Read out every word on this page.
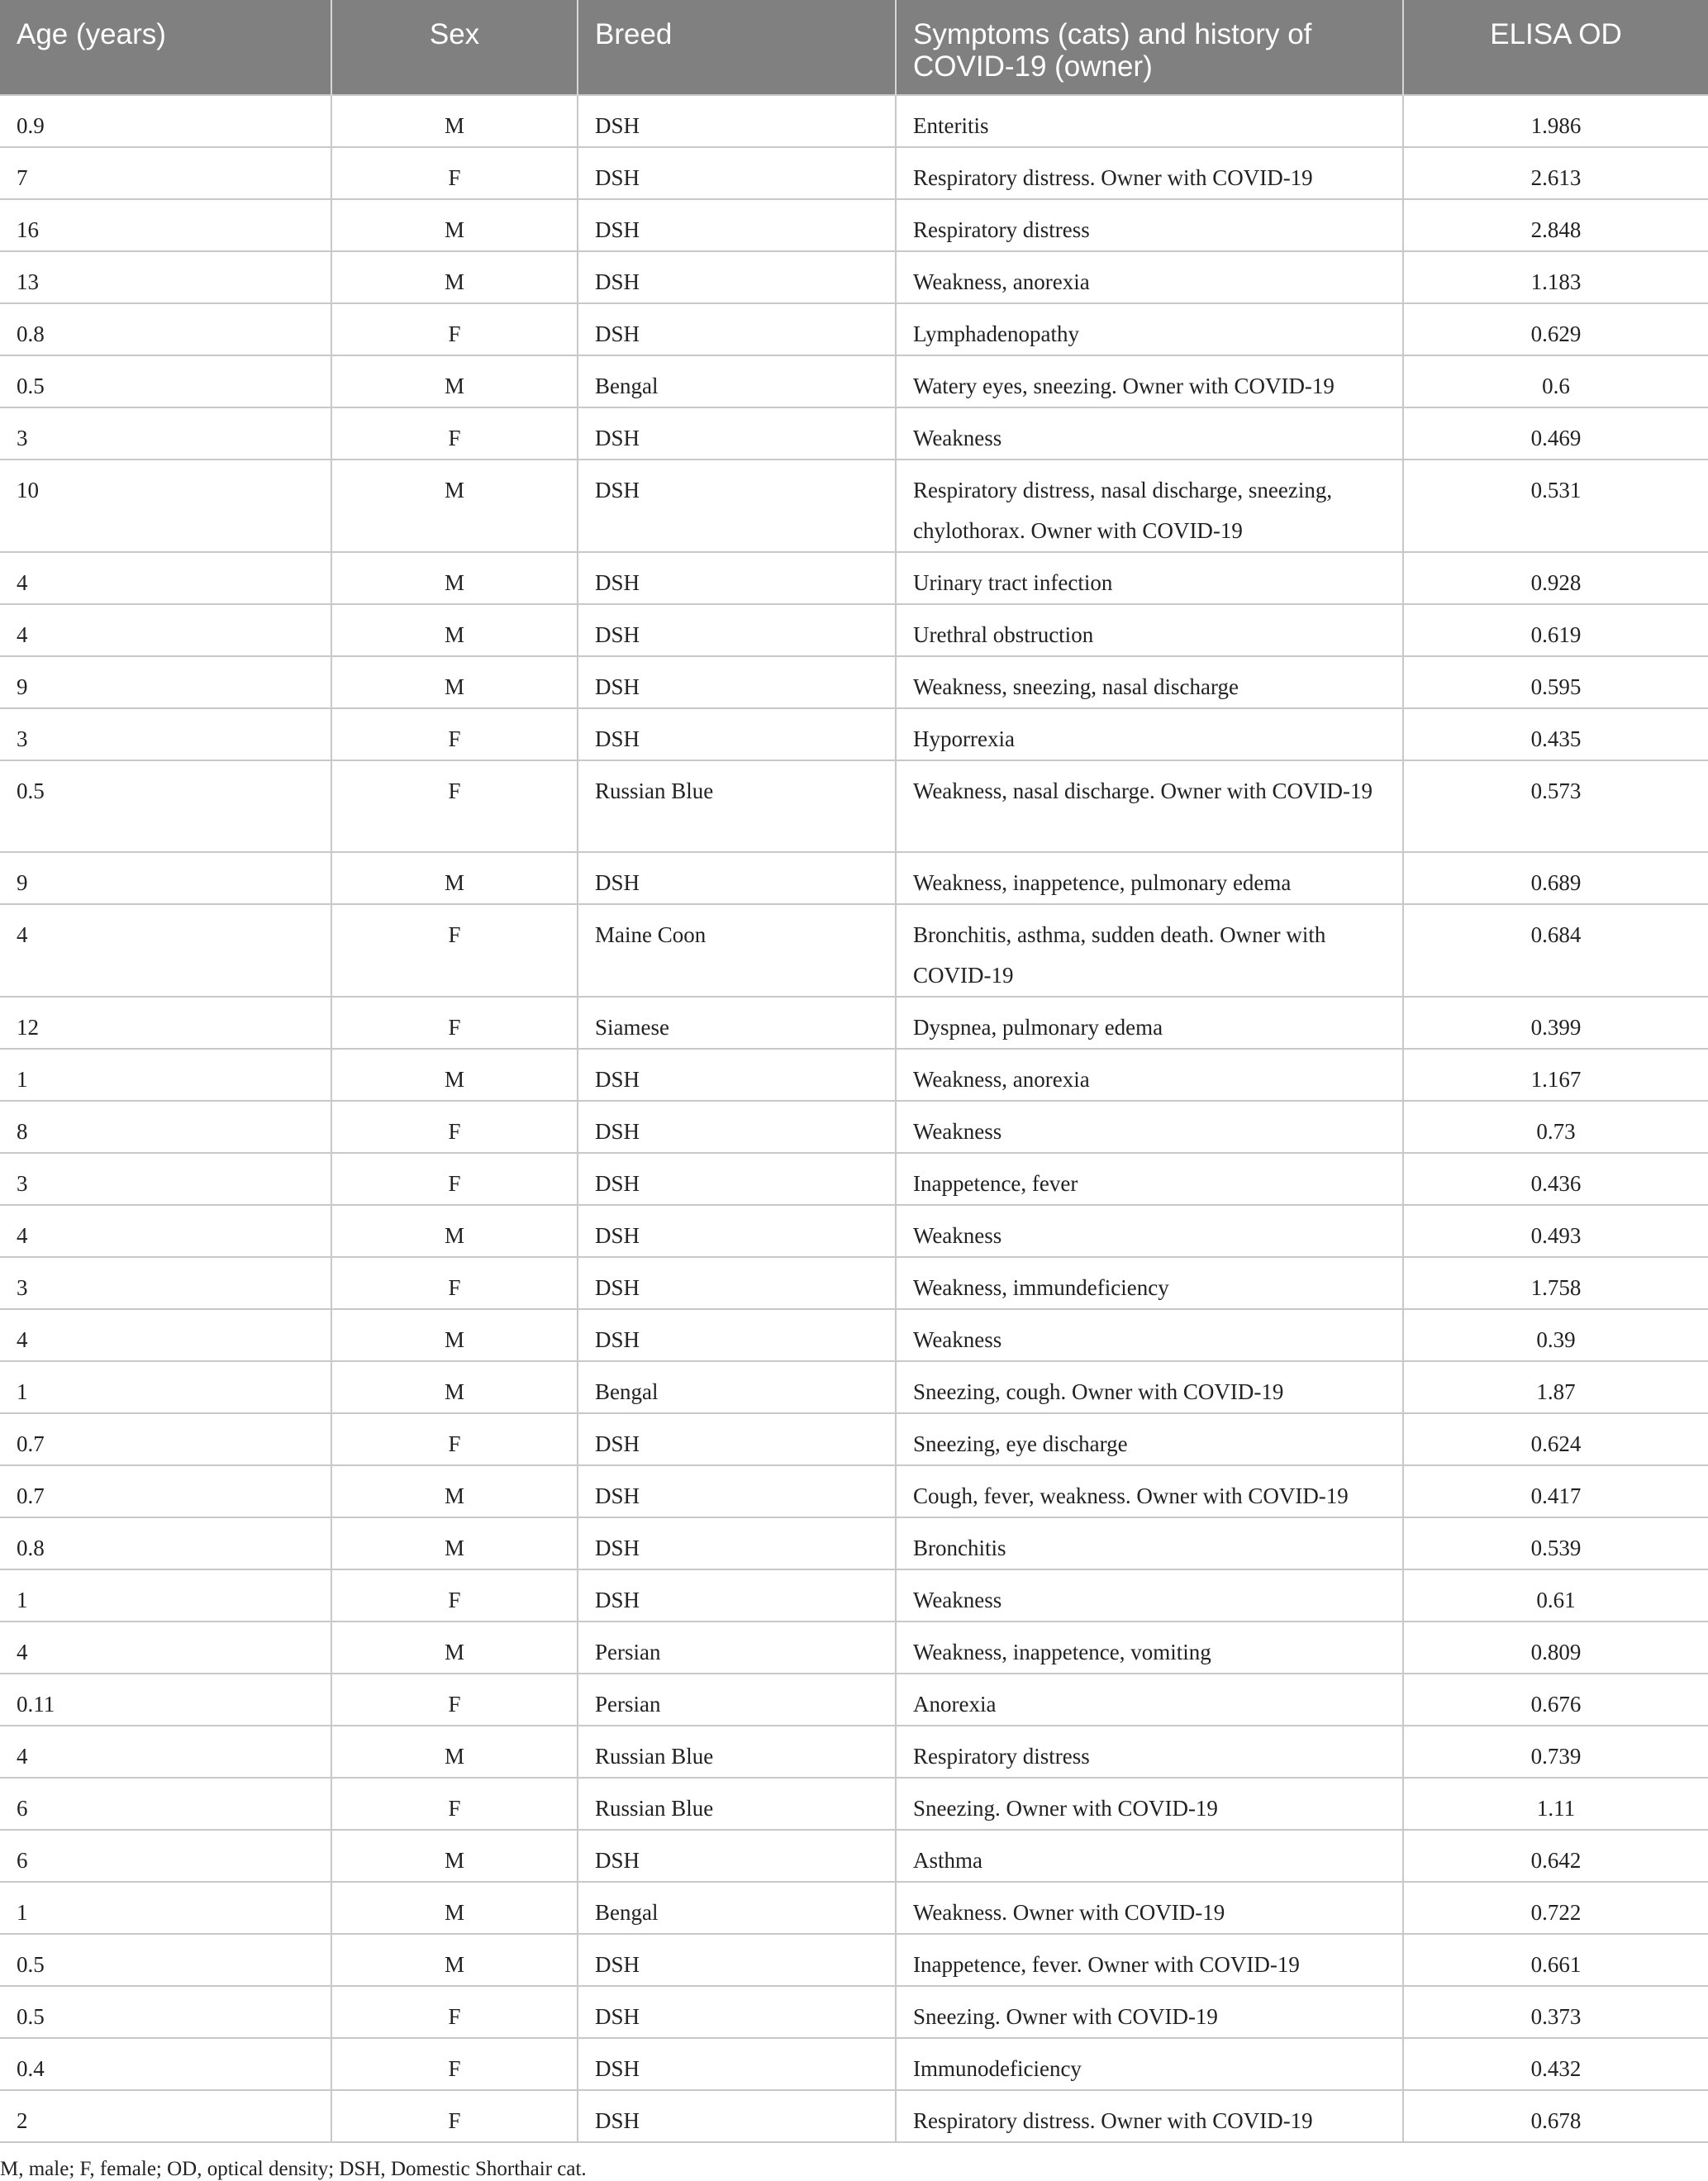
Age (years)	Sex	Breed	Symptoms (cats) and history of COVID-19 (owner)	ELISA OD

0.9	M	DSH	Enteritis	1.986

7	F	DSH	Respiratory distress. Owner with COVID-19	2.613

16	M	DSH	Respiratory distress	2.848

13	M	DSH	Weakness, anorexia	1.183

0.8	F	DSH	Lymphadenopathy	0.629

0.5	M	Bengal	Watery eyes, sneezing. Owner with COVID-19	0.6

3	F	DSH	Weakness	0.469

10	M	DSH	Respiratory distress, nasal discharge, sneezing, chylothorax. Owner with COVID-19	0.531

4	M	DSH	Urinary tract infection	0.928

4	M	DSH	Urethral obstruction	0.619

9	M	DSH	Weakness, sneezing, nasal discharge	0.595

3	F	DSH	Hyporrexia	0.435

0.5	F	Russian Blue	Weakness, nasal discharge. Owner with COVID-19	0.573

9	M	DSH	Weakness, inappetence, pulmonary edema	0.689

4	F	Maine Coon	Bronchitis, asthma, sudden death. Owner with COVID-19	0.684

12	F	Siamese	Dyspnea, pulmonary edema	0.399

1	M	DSH	Weakness, anorexia	1.167

8	F	DSH	Weakness	0.73

3	F	DSH	Inappetence, fever	0.436

4	M	DSH	Weakness	0.493

3	F	DSH	Weakness, immundeficiency	1.758

4	M	DSH	Weakness	0.39

1	M	Bengal	Sneezing, cough. Owner with COVID-19	1.87

0.7	F	DSH	Sneezing, eye discharge	0.624

0.7	M	DSH	Cough, fever, weakness. Owner with COVID-19	0.417

0.8	M	DSH	Bronchitis	0.539

1	F	DSH	Weakness	0.61

4	M	Persian	Weakness, inappetence, vomiting	0.809

0.11	F	Persian	Anorexia	0.676

4	M	Russian Blue	Respiratory distress	0.739

6	F	Russian Blue	Sneezing. Owner with COVID-19	1.11

6	M	DSH	Asthma	0.642

1	M	Bengal	Weakness. Owner with COVID-19	0.722

0.5	M	DSH	Inappetence, fever. Owner with COVID-19	0.661

0.5	F	DSH	Sneezing. Owner with COVID-19	0.373

0.4	F	DSH	Immunodeficiency	0.432

2	F	DSH	Respiratory distress. Owner with COVID-19	0.678

M, male; F, female; OD, optical density; DSH, Domestic Shorthair cat.
